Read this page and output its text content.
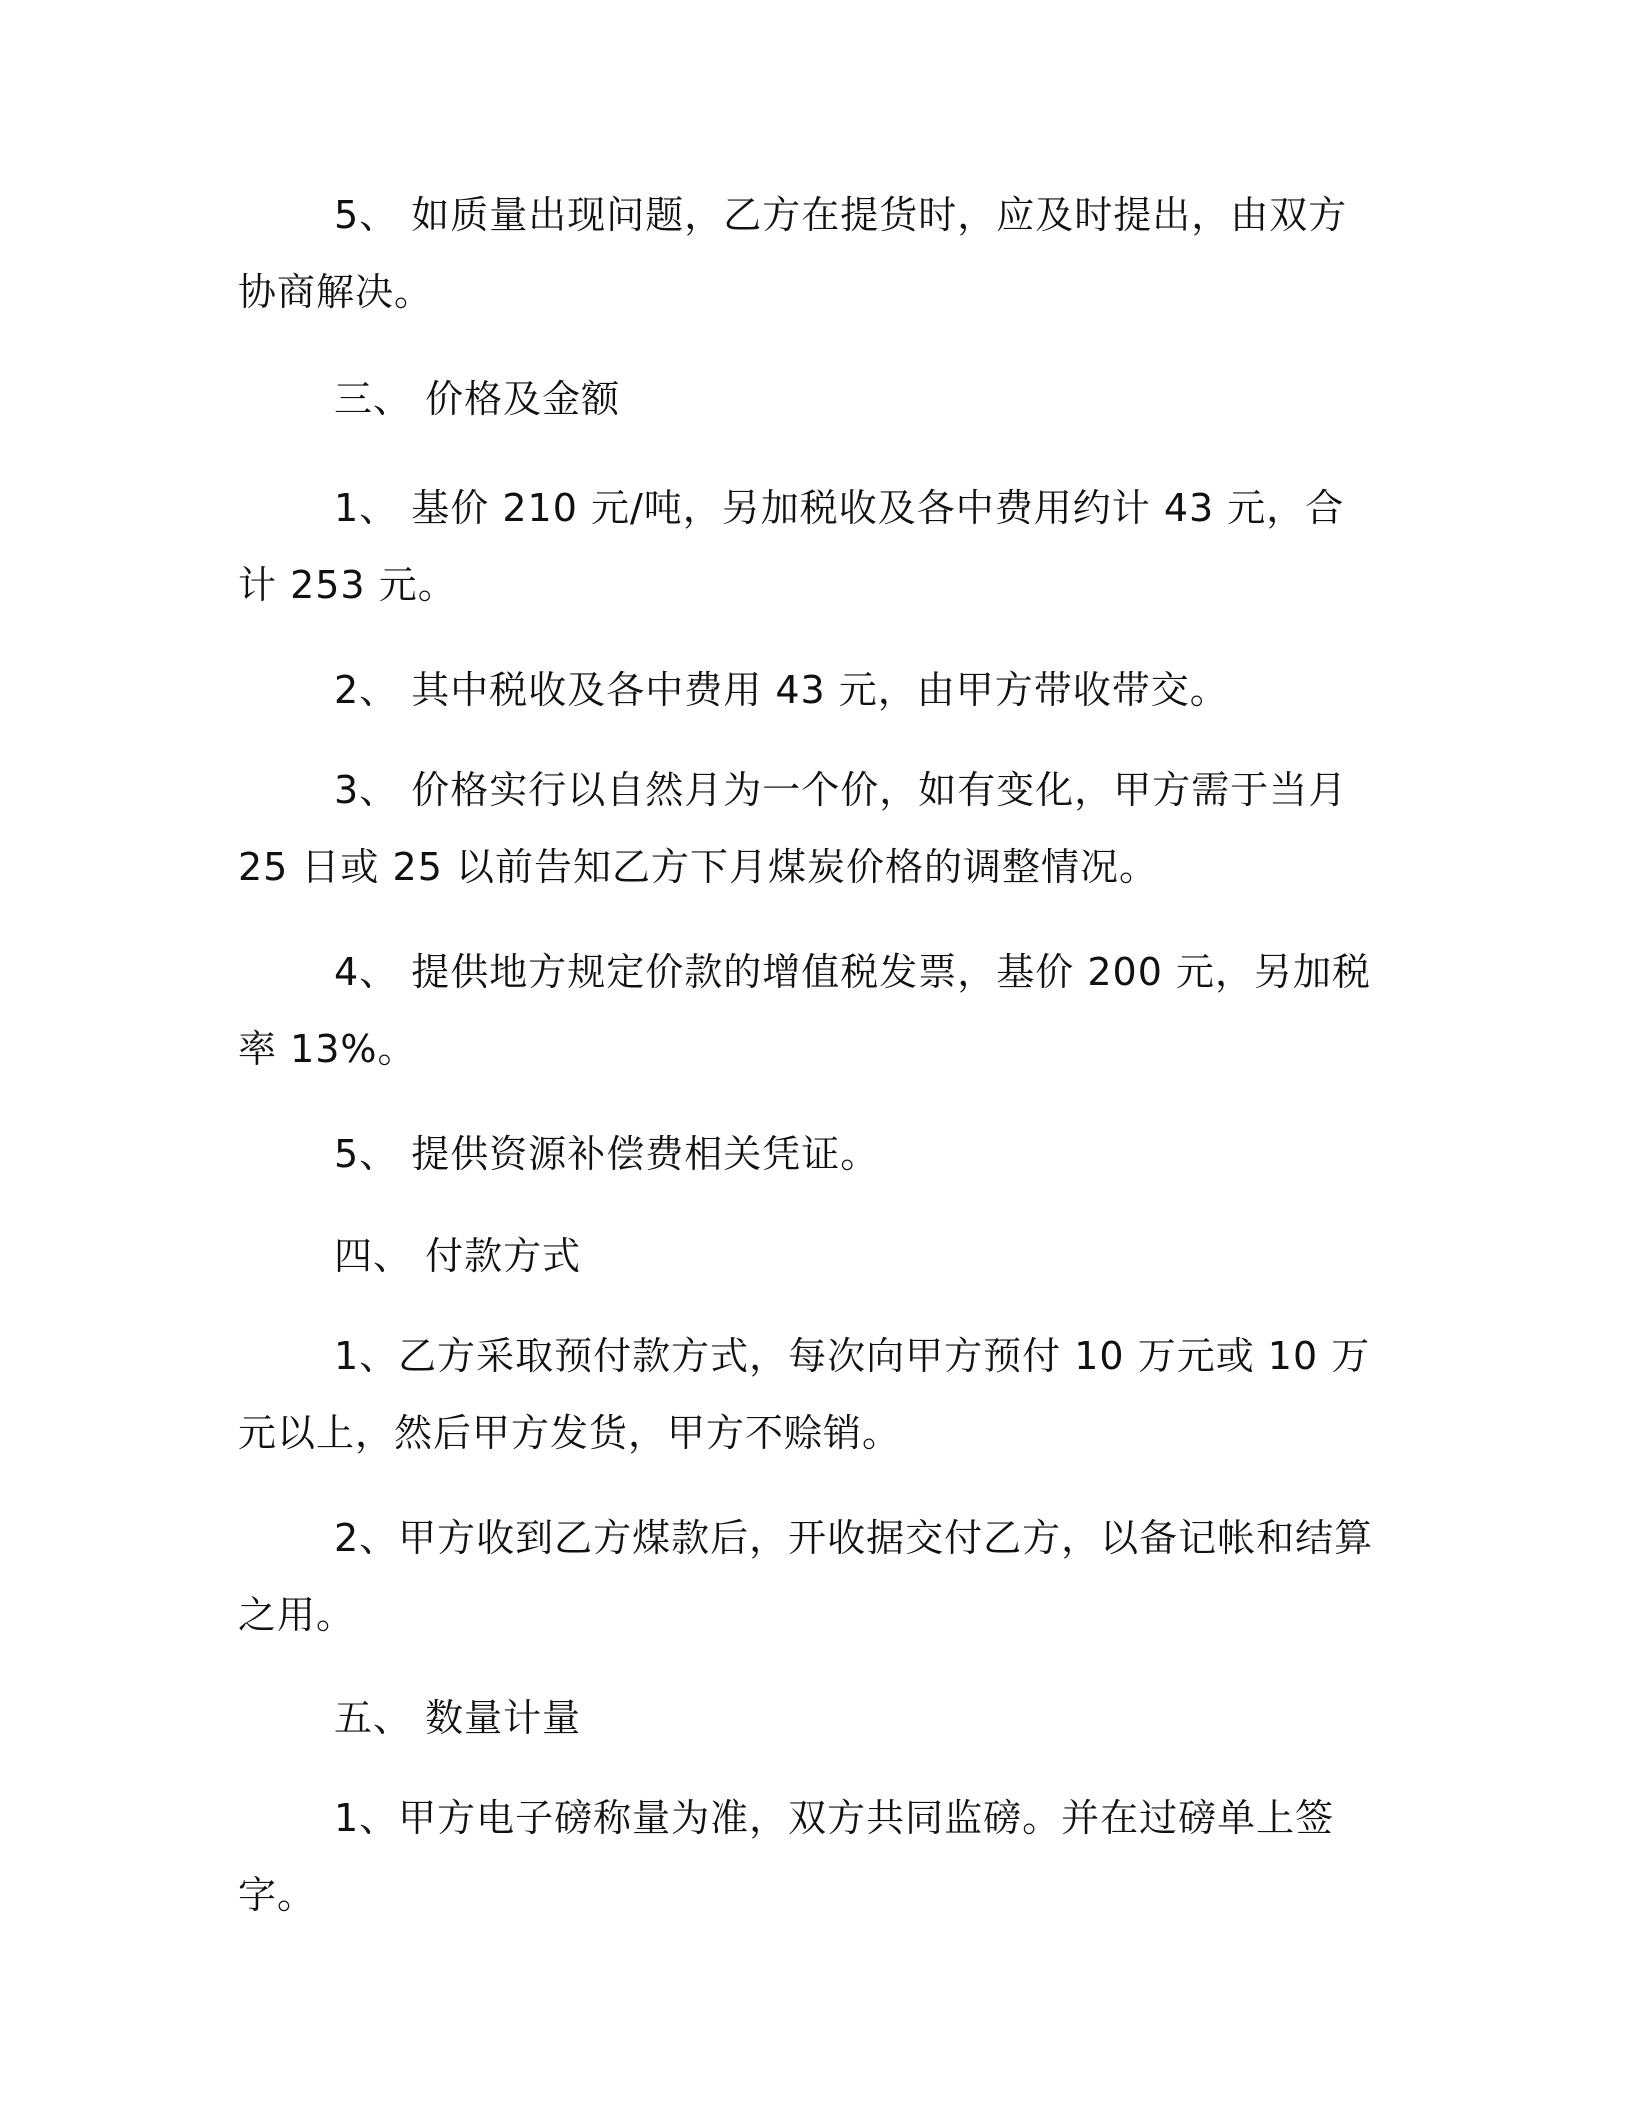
5、 如质量出现问题，乙方在提货时，应及时提出，由双方协商解决。

三、 价格及金额

1、 基价 210 元/吨，另加税收及各中费用约计 43 元，合计 253 元。

2、 其中税收及各中费用 43 元，由甲方带收带交。

3、 价格实行以自然月为一个价，如有变化，甲方需于当月 25 日或 25 以前告知乙方下月煤炭价格的调整情况。

4、 提供地方规定价款的增值税发票，基价 200 元，另加税率 13%。

5、 提供资源补偿费相关凭证。

四、 付款方式

1、乙方采取预付款方式，每次向甲方预付 10 万元或 10 万元以上，然后甲方发货，甲方不赊销。

2、甲方收到乙方煤款后，开收据交付乙方，以备记帐和结算之用。

五、 数量计量

1、甲方电子磅称量为准，双方共同监磅。并在过磅单上签字。
